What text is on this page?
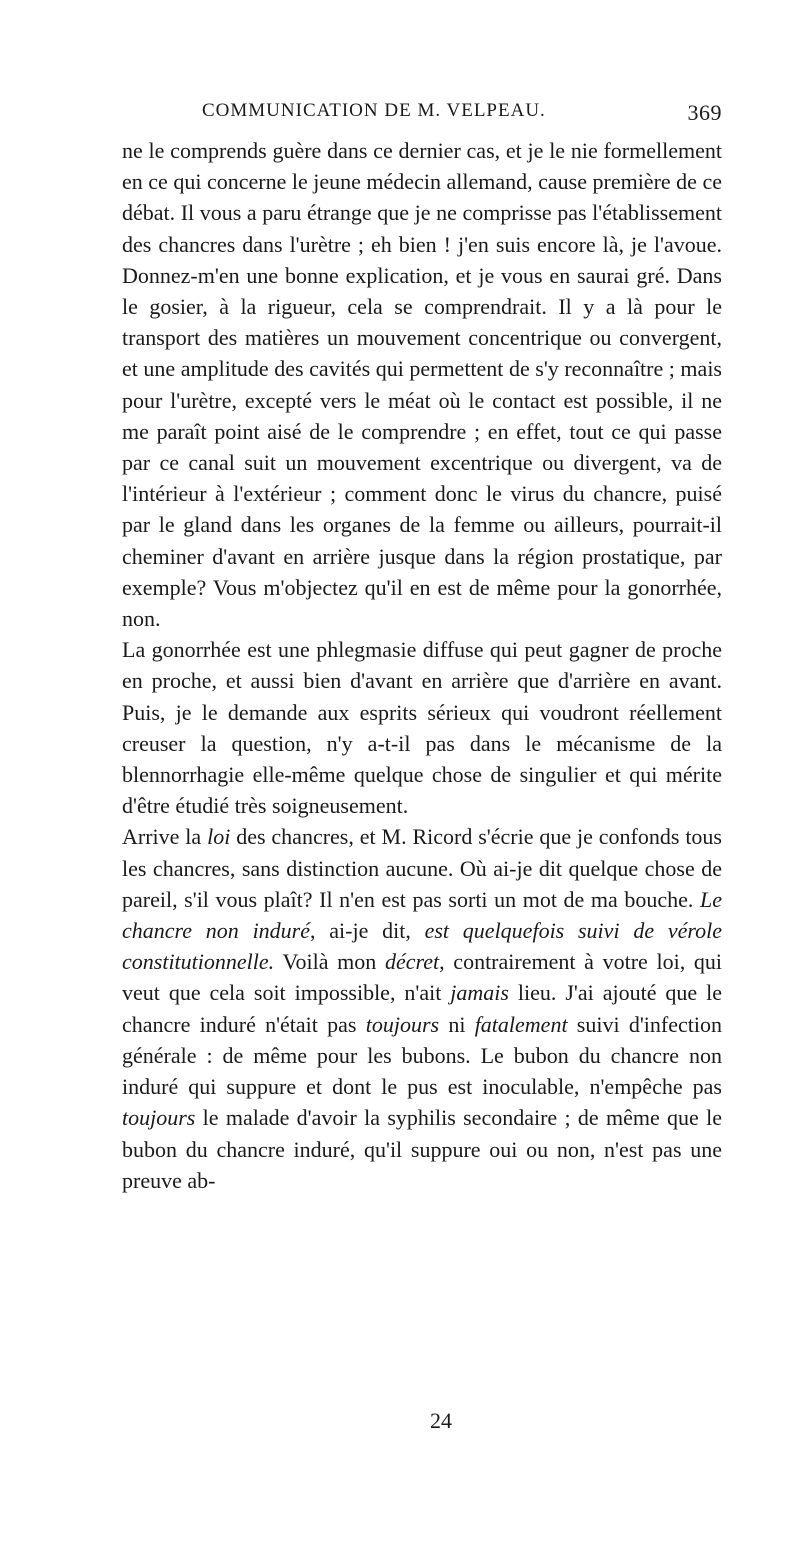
COMMUNICATION DE M. VELPEAU.	369

ne le comprends guère dans ce dernier cas, et je le nie formellement en ce qui concerne le jeune médecin allemand, cause première de ce débat. Il vous a paru étrange que je ne comprisse pas l'établissement des chancres dans l'urètre ; eh bien ! j'en suis encore là, je l'avoue. Donnez-m'en une bonne explication, et je vous en saurai gré. Dans le gosier, à la rigueur, cela se comprendrait. Il y a là pour le transport des matières un mouvement concentrique ou convergent, et une amplitude des cavités qui permettent de s'y reconnaître ; mais pour l'urètre, excepté vers le méat où le contact est possible, il ne me paraît point aisé de le comprendre ; en effet, tout ce qui passe par ce canal suit un mouvement excentrique ou divergent, va de l'intérieur à l'extérieur ; comment donc le virus du chancre, puisé par le gland dans les organes de la femme ou ailleurs, pourrait-il cheminer d'avant en arrière jusque dans la région prostatique, par exemple? Vous m'objectez qu'il en est de même pour la gonorrhée, non.

La gonorrhée est une phlegmasie diffuse qui peut gagner de proche en proche, et aussi bien d'avant en arrière que d'arrière en avant. Puis, je le demande aux esprits sérieux qui voudront réellement creuser la question, n'y a-t-il pas dans le mécanisme de la blennorrhagie elle-même quelque chose de singulier et qui mérite d'être étudié très soigneusement.

Arrive la loi des chancres, et M. Ricord s'écrie que je confonds tous les chancres, sans distinction aucune. Où ai-je dit quelque chose de pareil, s'il vous plaît? Il n'en est pas sorti un mot de ma bouche. Le chancre non induré, ai-je dit, est quelquefois suivi de vérole constitutionnelle. Voilà mon décret, contrairement à votre loi, qui veut que cela soit impossible, n'ait jamais lieu. J'ai ajouté que le chancre induré n'était pas toujours ni fatalement suivi d'infection générale : de même pour les bubons. Le bubon du chancre non induré qui suppure et dont le pus est inoculable, n'empêche pas toujours le malade d'avoir la syphilis secondaire ; de même que le bubon du chancre induré, qu'il suppure oui ou non, n'est pas une preuve ab-

24
